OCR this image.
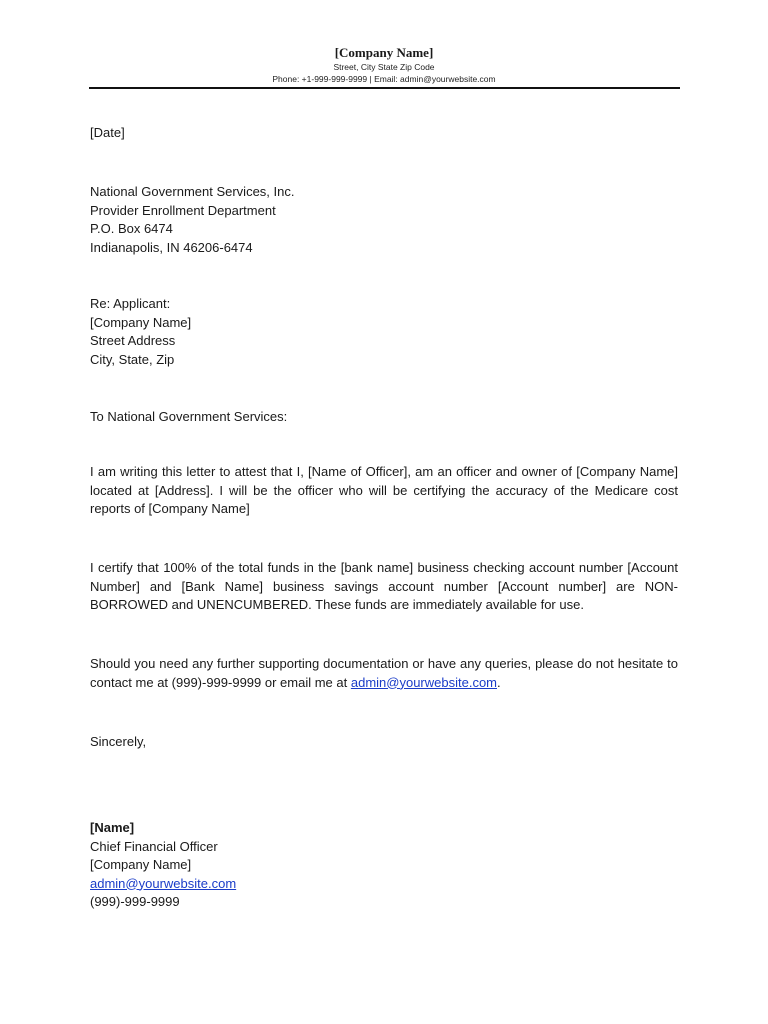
[Company Name]
Street, City State Zip Code
Phone: +1-999-999-9999 | Email: admin@yourwebsite.com
[Date]
National Government Services, Inc.
Provider Enrollment Department
P.O. Box 6474
Indianapolis, IN 46206-6474
Re: Applicant:
[Company Name]
Street Address
City, State, Zip
To National Government Services:

I am writing this letter to attest that I, [Name of Officer], am an officer and owner of [Company Name] located at [Address]. I will be the officer who will be certifying the accuracy of the Medicare cost reports of [Company Name]

I certify that 100% of the total funds in the [bank name] business checking account number [Account Number] and [Bank Name] business savings account number [Account number] are NON-BORROWED and UNENCUMBERED. These funds are immediately available for use.

Should you need any further supporting documentation or have any queries, please do not hesitate to contact me at (999)-999-9999 or email me at admin@yourwebsite.com.

Sincerely,
[Name]
Chief Financial Officer
[Company Name]
admin@yourwebsite.com
(999)-999-9999
